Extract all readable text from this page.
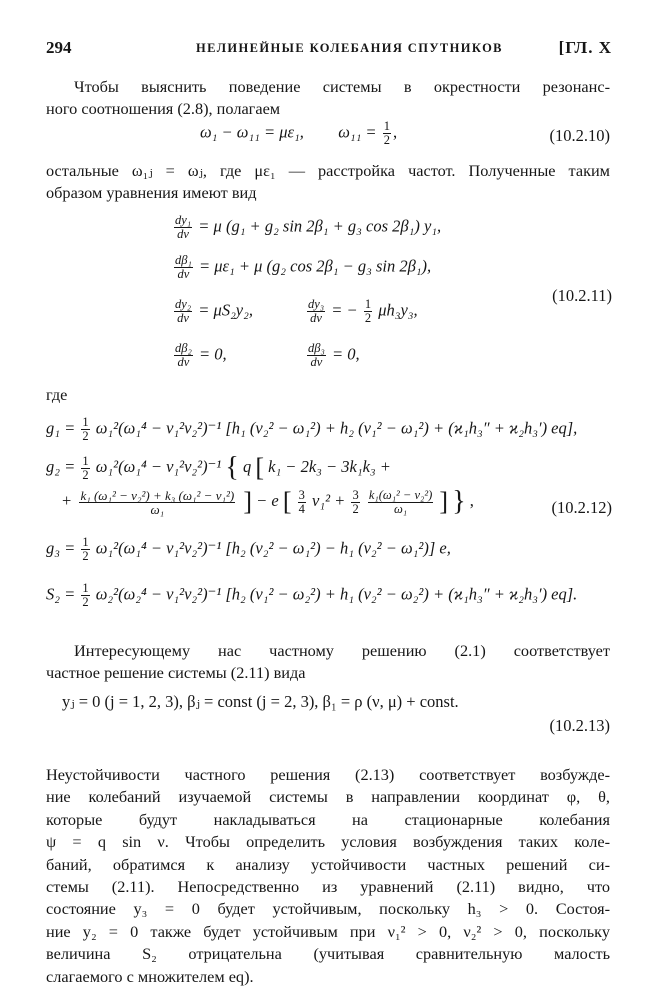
294	НЕЛИНЕЙНЫЕ КОЛЕБАНИЯ СПУТНИКОВ	[ГЛ. X
Чтобы выяснить поведение системы в окрестности резонанс-
ного соотношения (2.8), полагаем
ω₁ − ω₁₁ = με₁, $\omega_{11} = \frac{1}{2}$ ,	(10.2.10)
остальные ω₁ⱼ = ωⱼ, где με₁ — расстройка частот. Полученные таким
образом уравнения имеют вид
$\frac{\text{dy₁}}{d\nu} = \mu$ (g₁ + g₂ sin 2β₁ + g₃ cos 2β₁) y₁,
$\frac{\text{dβ₁}}{d\nu} = \mu\varepsilon_1 + \mu$ (g₂ cos 2β₁ − g₃ sin 2β₁),
$\frac{\text{dy₂}}{d\nu} = \mu S_2y_2$,	$\frac{\text{dy₃}}{d\nu}$ = − $\frac{1}{2} \mu h_3y_3$,
$\frac{\text{dβ₂}}{d\nu} = 0$,	$\frac{\text{dβ₃}}{d\nu} = 0$,
(10.2.11)
где
$g_1 = \frac{1}{2} \omega_1^2(\omega_1^4 - \nu_1^2\nu_2^2)^{-1}$ [h₁ (ν₂² − ω₁²) + h₂ (ν₁² − ω₁²) + (ϰ₁h₃″ + ϰ₂h₃′) eq],
$g_2 = \frac{1}{2} \omega_1^2(\omega_1^4 - \nu_1^2\nu_2^2)^{-1}$ { q [ k₁ − 2k₃ − 3k₁k₃ +
+ $\frac{\text{k₁ (ω₁² − ν₂²) + k₃ (ω₁² − ν₁²)}}{\text{ω₁}}$ ] − e [ $\frac{3}{4} \nu_1^2 + \frac{3}{2}$
$\frac{\text{k₁(ω₁² − ν₂²)}}{\text{ω₁}}$ ] } ,	(10.2.12)
$g_3 = \frac{1}{2} \omega_1^2(\omega_1^4 - \nu_1^2\nu_2^2)^{-1}$ [h₂ (ν₂² − ω₁²) − h₁ (ν₂² − ω₁²)] e,
$S_2 = \frac{1}{2} \omega_2^2(\omega_2^4 - \nu_1^2\nu_2^2)^{-1}$ [h₂ (ν₁² − ω₂²) + h₁ (ν₂² − ω₂²) + (ϰ₁h₃″ + ϰ₂h₃′) eq].
Интересующему нас частному решению (2.1) соответствует
частное решение системы (2.11) вида
yⱼ = 0 (j = 1, 2, 3), βⱼ = const (j = 2, 3), β₁ = ρ (ν, μ) + const.
(10.2.13)
Неустойчивости частного решения (2.13) соответствует возбужде-
ние колебаний изучаемой системы в направлении координат φ, θ,
которые будут накладываться на стационарные колебания
ψ = q sin ν. Чтобы определить условия возбуждения таких коле-
баний, обратимся к анализу устойчивости частных решений си-
стемы (2.11). Непосредственно из уравнений (2.11) видно, что
состояние y₃ = 0 будет устойчивым, поскольку h₃ > 0. Состоя-
ние y₂ = 0 также будет устойчивым при ν₁² > 0, ν₂² > 0, поскольку
величина S₂ отрицательна (учитывая сравнительную малость
слагаемого с множителем eq).
